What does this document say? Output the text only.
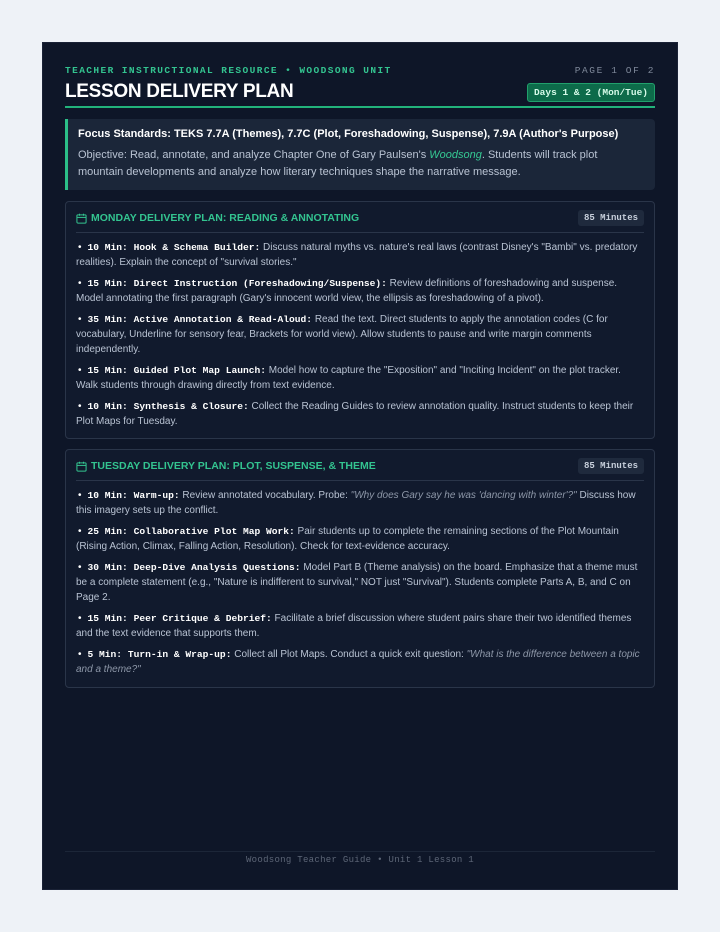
TEACHER INSTRUCTIONAL RESOURCE • WOODSONG UNIT	PAGE 1 OF 2
LESSON DELIVERY PLAN	Days 1 & 2 (Mon/Tue)
Focus Standards: TEKS 7.7A (Themes), 7.7C (Plot, Foreshadowing, Suspense), 7.9A (Author's Purpose)
Objective: Read, annotate, and analyze Chapter One of Gary Paulsen's Woodsong. Students will track plot mountain developments and analyze how literary techniques shape the narrative message.
MONDAY DELIVERY PLAN: READING & ANNOTATING	85 Minutes
• 10 Min: Hook & Schema Builder: Discuss natural myths vs. nature's real laws (contrast Disney's "Bambi" vs. predatory realities). Explain the concept of "survival stories."
• 15 Min: Direct Instruction (Foreshadowing/Suspense): Review definitions of foreshadowing and suspense. Model annotating the first paragraph (Gary's innocent world view, the ellipsis as foreshadowing of a pivot).
• 35 Min: Active Annotation & Read-Aloud: Read the text. Direct students to apply the annotation codes (C for vocabulary, Underline for sensory fear, Brackets for world view). Allow students to pause and write margin comments independently.
• 15 Min: Guided Plot Map Launch: Model how to capture the "Exposition" and "Inciting Incident" on the plot tracker. Walk students through drawing directly from text evidence.
• 10 Min: Synthesis & Closure: Collect the Reading Guides to review annotation quality. Instruct students to keep their Plot Maps for Tuesday.
TUESDAY DELIVERY PLAN: PLOT, SUSPENSE, & THEME	85 Minutes
• 10 Min: Warm-up: Review annotated vocabulary. Probe: "Why does Gary say he was 'dancing with winter'?" Discuss how this imagery sets up the conflict.
• 25 Min: Collaborative Plot Map Work: Pair students up to complete the remaining sections of the Plot Mountain (Rising Action, Climax, Falling Action, Resolution). Check for text-evidence accuracy.
• 30 Min: Deep-Dive Analysis Questions: Model Part B (Theme analysis) on the board. Emphasize that a theme must be a complete statement (e.g., "Nature is indifferent to survival," NOT just "Survival"). Students complete Parts A, B, and C on Page 2.
• 15 Min: Peer Critique & Debrief: Facilitate a brief discussion where student pairs share their two identified themes and the text evidence that supports them.
• 5 Min: Turn-in & Wrap-up: Collect all Plot Maps. Conduct a quick exit question: "What is the difference between a topic and a theme?"
Woodsong Teacher Guide • Unit 1 Lesson 1
